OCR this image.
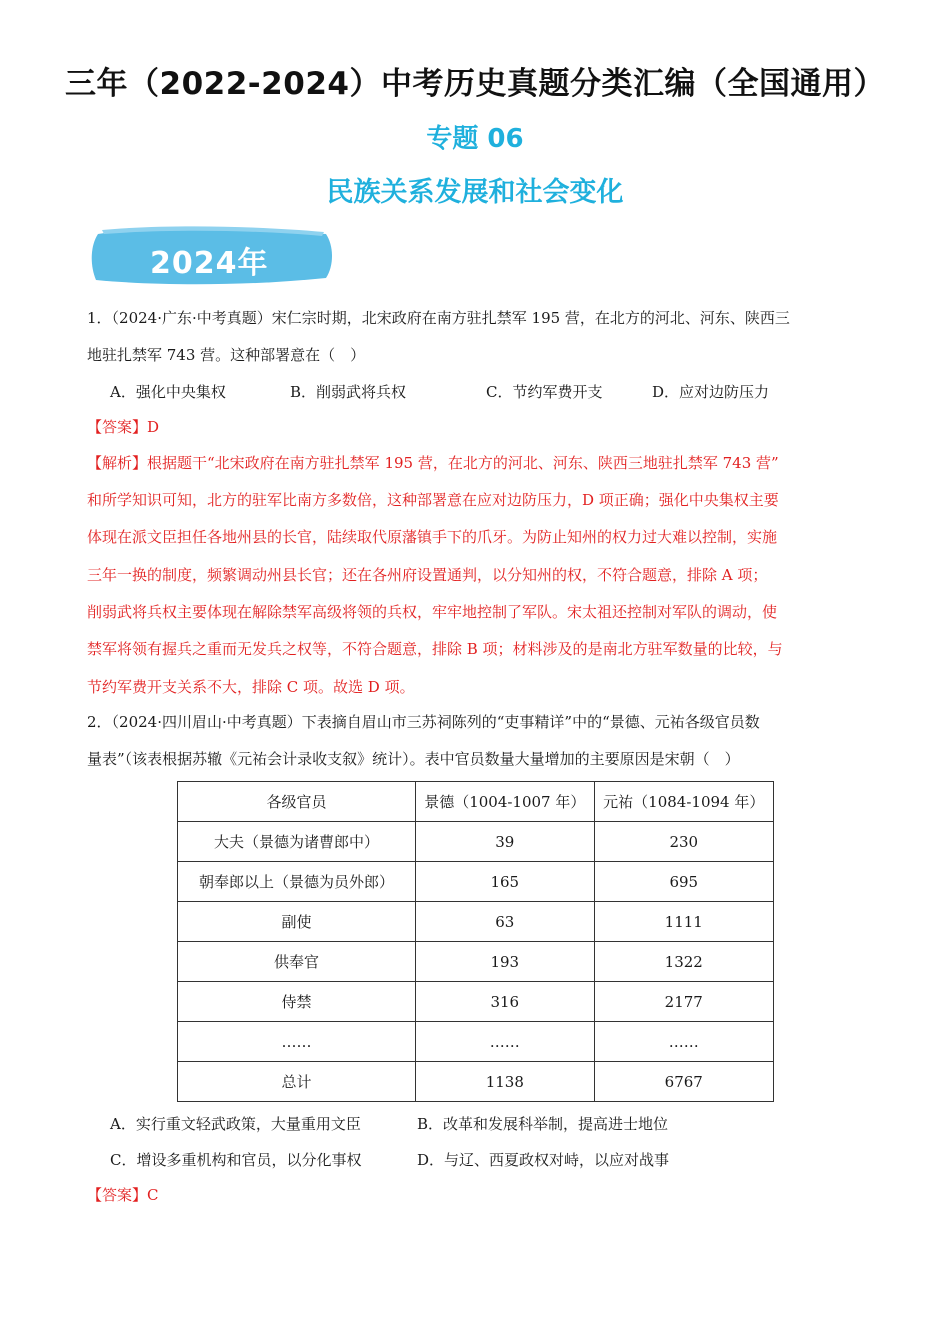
三年（2022-2024）中考历史真题分类汇编（全国通用）
专题 06
民族关系发展和社会变化
2024年
1．（2024·广东·中考真题）宋仁宗时期，北宋政府在南方驻扎禁军 195 营，在北方的河北、河东、陕西三
地驻扎禁军 743 营。这种部署意在（　）
A．强化中央集权	B．削弱武将兵权	C．节约军费开支	D．应对边防压力
【答案】D
【解析】根据题干“北宋政府在南方驻扎禁军 195 营，在北方的河北、河东、陕西三地驻扎禁军 743 营”
和所学知识可知，北方的驻军比南方多数倍，这种部署意在应对边防压力，D 项正确；强化中央集权主要
体现在派文臣担任各地州县的长官，陆续取代原藩镇手下的爪牙。为防止知州的权力过大难以控制，实施
三年一换的制度，频繁调动州县长官；还在各州府设置通判，以分知州的权，不符合题意，排除 A 项；
削弱武将兵权主要体现在解除禁军高级将领的兵权，牢牢地控制了军队。宋太祖还控制对军队的调动，使
禁军将领有握兵之重而无发兵之权等，不符合题意，排除 B 项；材料涉及的是南北方驻军数量的比较，与
节约军费开支关系不大，排除 C 项。故选 D 项。
2．（2024·四川眉山·中考真题）下表摘自眉山市三苏祠陈列的“吏事精详”中的“景德、元祐各级官员数
量表”（该表根据苏辙《元祐会计录收支叙》统计）。表中官员数量大量增加的主要原因是宋朝（　）
各级官员	景德（1004-1007 年）	元祐（1084-1094 年）
大夫（景德为诸曹郎中）	39	230
朝奉郎以上（景德为员外郎）	165	695
副使	63	1111
供奉官	193	1322
侍禁	316	2177
……	……	……
总计	1138	6767
A．实行重文轻武政策，大量重用文臣	B．改革和发展科举制，提高进士地位
C．增设多重机构和官员，以分化事权	D．与辽、西夏政权对峙，以应对战事
【答案】C
